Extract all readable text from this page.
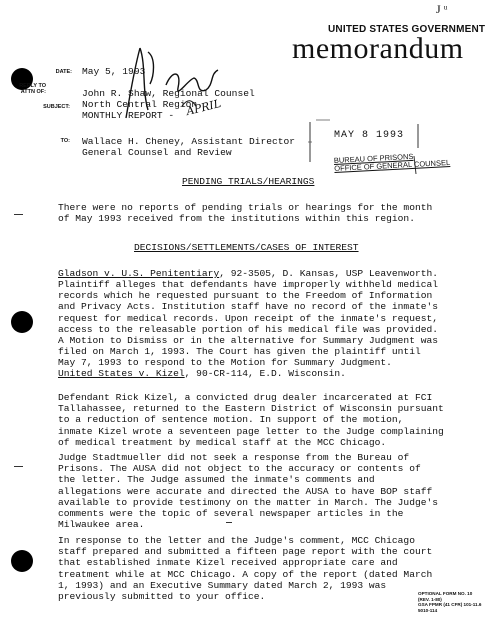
UNITED STATES GOVERNMENT
memorandum
J ᵘ
DATE:
REPLY TO
ATTN OF:
SUBJECT:
TO:
May 5, 1993
John R. Shaw, Regional Counsel
North Central Region
MONTHLY REPORT - APRIL
Wallace H. Cheney, Assistant Director
General Counsel and Review
MAY 8 1993
BUREAU OF PRISONS
OFFICE OF GENERAL COUNSEL
PENDING TRIALS/HEARINGS
There were no reports of pending trials or hearings for the month
of May 1993 received from the institutions within this region.
DECISIONS/SETTLEMENTS/CASES OF INTEREST
Gladson v. U.S. Penitentiary, 92-3505, D. Kansas, USP Leavenworth.
Plaintiff alleges that defendants have improperly withheld medical
records which he requested pursuant to the Freedom of Information
and Privacy Acts. Institution staff have no record of the inmate's
request for medical records. Upon receipt of the inmate's request,
access to the releasable portion of his medical file was provided.
A Motion to Dismiss or in the alternative for Summary Judgment was
filed on March 1, 1993. The Court has given the plaintiff until
May 7, 1993 to respond to the Motion for Summary Judgment.
United States v. Kizel, 90-CR-114, E.D. Wisconsin.
Defendant Rick Kizel, a convicted drug dealer incarcerated at FCI
Tallahassee, returned to the Eastern District of Wisconsin pursuant
to a reduction of sentence motion. In support of the motion,
inmate Kizel wrote a seventeen page letter to the Judge complaining
of medical treatment by medical staff at the MCC Chicago.
Judge Stadtmueller did not seek a response from the Bureau of
Prisons. The AUSA did not object to the accuracy or contents of
the letter. The Judge assumed the inmate's comments and
allegations were accurate and directed the AUSA to have BOP staff
available to provide testimony on the matter in March. The Judge's
comments were the topic of several newspaper articles in the
Milwaukee area.
In response to the letter and the Judge's comment, MCC Chicago
staff prepared and submitted a fifteen page report with the court
that established inmate Kizel received appropriate care and
treatment while at MCC Chicago. A copy of the report (dated March
1, 1993) and an Executive Summary dated March 2, 1993 was
previously submitted to your office.	OPTIONAL FORM NO. 10
(REV. 1-80)
GSA FPMR (41 CFR) 101-11.6
5010-114
